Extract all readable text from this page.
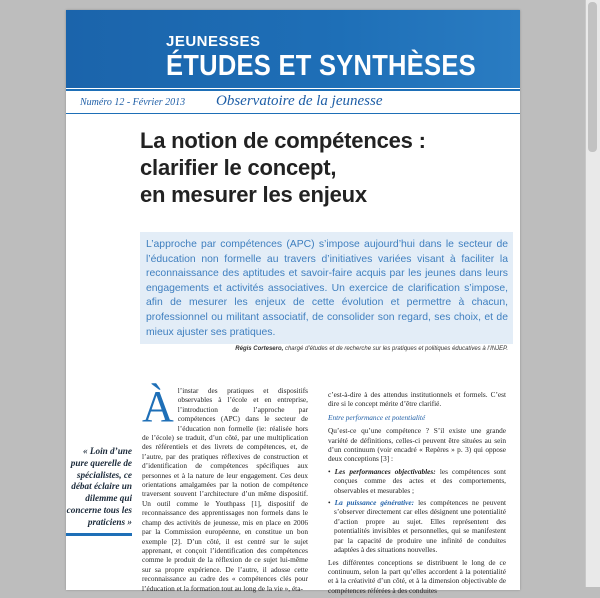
JEUNESSES
ÉTUDES ET SYNTHÈSES
Numéro 12 - Février 2013 Observatoire de la jeunesse
La notion de compétences :
clarifier le concept,
en mesurer les enjeux
L’approche par compétences (APC) s’impose aujourd’hui dans le secteur de l’éducation non formelle au travers d’initiatives variées visant à faciliter la reconnaissance des aptitudes et savoir-faire acquis par les jeunes dans leurs engagements et activités associatives. Un exercice de clarification s’impose, afin de mesurer les enjeux de cette évolution et permettre à chacun, professionnel ou militant associatif, de consolider son regard, ses choix, et de mieux ajuster ses pratiques.
Régis Cortesero, chargé d’études et de recherche sur les pratiques et politiques éducatives à l’INJEP.
« Loin d’une pure querelle de spécialistes, ce débat éclaire un dilemme qui concerne tous les praticiens »
À l’instar des pratiques et dispositifs observables à l’école et en entreprise, l’introduction de l’approche par compétences (APC) dans le secteur de l’éducation non formelle (ie: réalisée hors de l’école) se traduit, d’un côté, par une multiplication des référentiels et des livrets de compétences, et, de l’autre, par des pratiques réflexives de construction et d’identification de compétences spécifiques aux personnes et à la nature de leur engagement. Ces deux orientations amalgamées par la notion de compétence traversent souvent l’architecture d’un même dispositif. Un outil comme le Youthpass [1], dispositif de reconnaissance des apprentissages non formels dans le champ des activités de jeunesse, mis en place en 2006 par la Commission européenne, en constitue un bon exemple [2]. D’un côté, il est centré sur le sujet apprenant, et conçoit l’identification des compétences comme le produit de la réflexion de ce sujet lui-même sur sa propre expérience. De l’autre, il adosse cette reconnaissance au cadre des « compétences clés pour l’éducation et la formation tout au long de la vie », éta-

c’est-à-dire à des attendus institutionnels et formels. C’est dire si le concept mérite d’être clarifié.

Entre performance et potentialité

Qu’est-ce qu’une compétence ? S’il existe une grande variété de définitions, celles-ci peuvent être situées au sein d’un continuum (voir encadré « Repères » p. 3) qui oppose deux conceptions [3] :

• Les performances objectivables: les compétences sont conçues comme des actes et des comportements, observables et mesurables ;

• La puissance générative: les compétences ne peuvent s’observer directement car elles désignent une potentialité d’action propre au sujet. Elles représentent des potentialités invisibles et personnelles, qui se manifestent par la capacité de produire une infinité de conduites adaptées à des situations nouvelles.

Les différentes conceptions se distribuent le long de ce continuum, selon la part qu’elles accordent à la potentialité et à la créativité d’un côté, et à la dimension objectivable de compétences référées à des conduites
